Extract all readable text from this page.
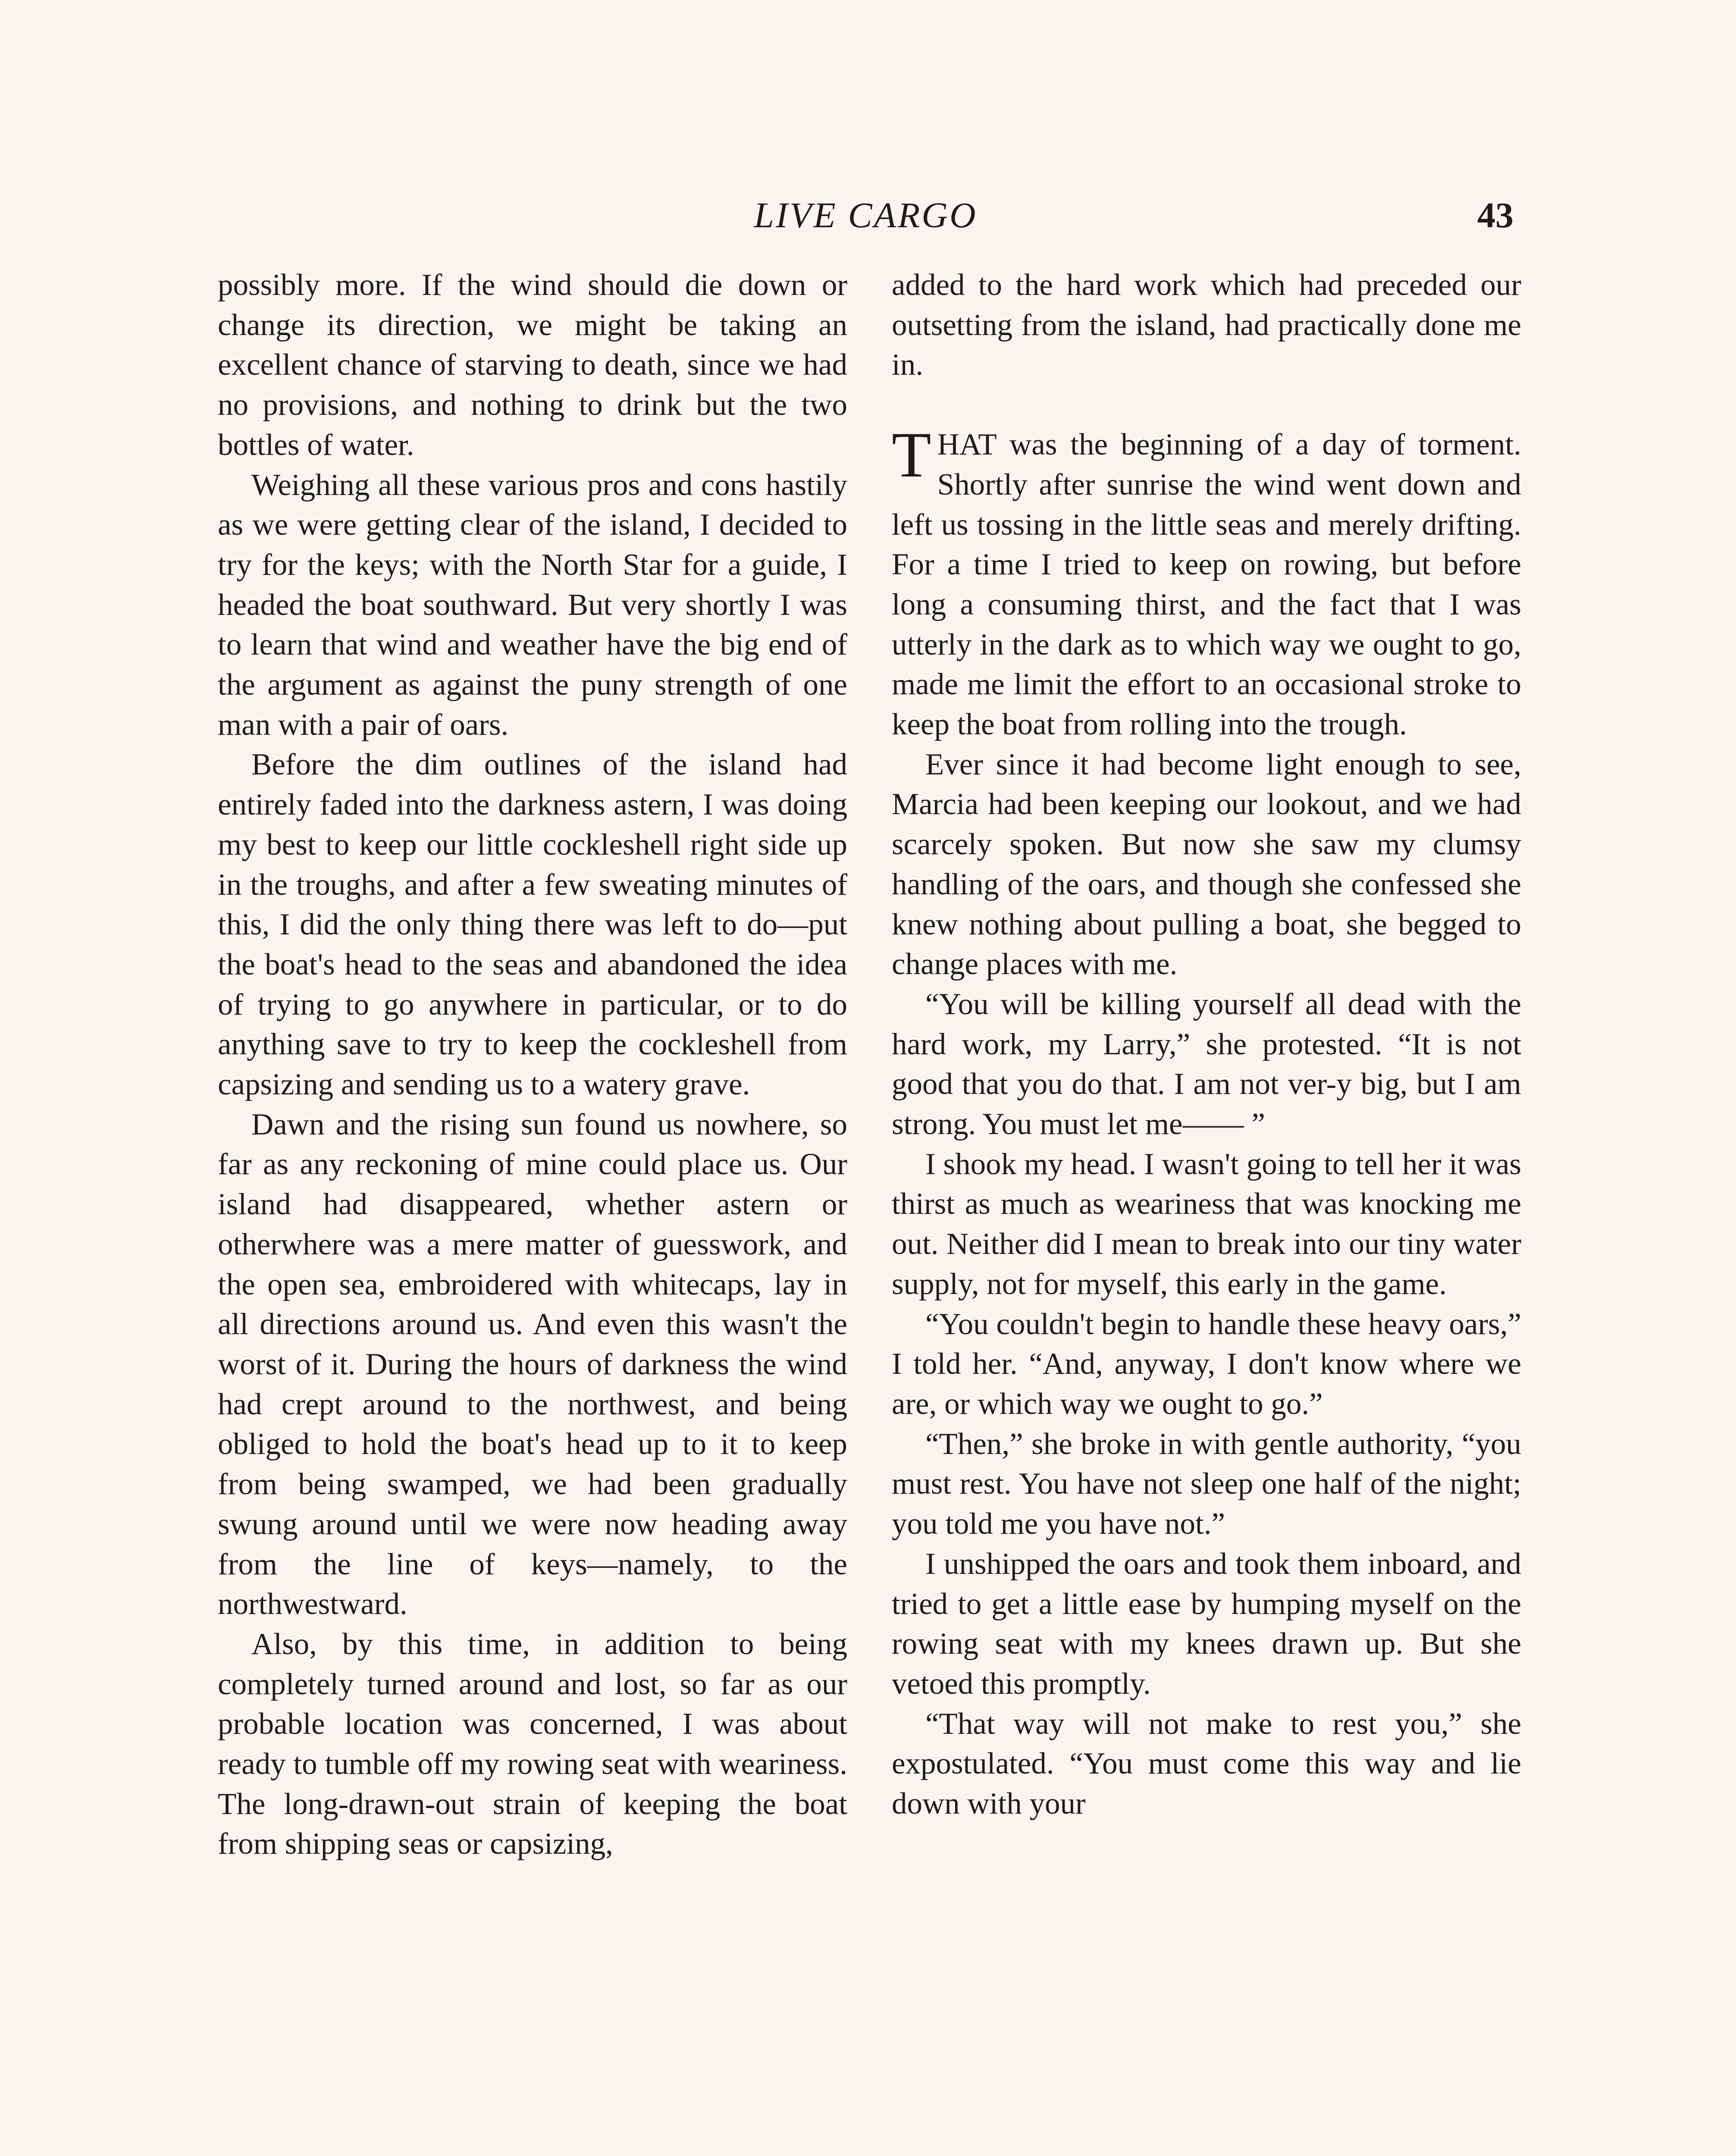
LIVE CARGO	43

possibly more. If the wind should die down or change its direction, we might be taking an excellent chance of starving to death, since we had no provisions, and nothing to drink but the two bottles of water.

Weighing all these various pros and cons hastily as we were getting clear of the island, I decided to try for the keys; with the North Star for a guide, I headed the boat southward. But very shortly I was to learn that wind and weather have the big end of the argument as against the puny strength of one man with a pair of oars.

Before the dim outlines of the island had entirely faded into the darkness astern, I was doing my best to keep our little cockleshell right side up in the troughs, and after a few sweating minutes of this, I did the only thing there was left to do—put the boat's head to the seas and abandoned the idea of trying to go anywhere in particular, or to do anything save to try to keep the cockleshell from capsizing and sending us to a watery grave.

Dawn and the rising sun found us nowhere, so far as any reckoning of mine could place us. Our island had disappeared, whether astern or otherwhere was a mere matter of guesswork, and the open sea, embroidered with whitecaps, lay in all directions around us. And even this wasn't the worst of it. During the hours of darkness the wind had crept around to the northwest, and being obliged to hold the boat's head up to it to keep from being swamped, we had been gradually swung around until we were now heading away from the line of keys—namely, to the northwestward.

Also, by this time, in addition to being completely turned around and lost, so far as our probable location was concerned, I was about ready to tumble off my rowing seat with weariness. The long-drawn-out strain of keeping the boat from shipping seas or capsizing,

added to the hard work which had preceded our outsetting from the island, had practically done me in.

THAT was the beginning of a day of torment. Shortly after sunrise the wind went down and left us tossing in the little seas and merely drifting. For a time I tried to keep on rowing, but before long a consuming thirst, and the fact that I was utterly in the dark as to which way we ought to go, made me limit the effort to an occasional stroke to keep the boat from rolling into the trough.

Ever since it had become light enough to see, Marcia had been keeping our lookout, and we had scarcely spoken. But now she saw my clumsy handling of the oars, and though she confessed she knew nothing about pulling a boat, she begged to change places with me.

“You will be killing yourself all dead with the hard work, my Larry,” she protested. “It is not good that you do that. I am not ver-y big, but I am strong. You must let me—— ”

I shook my head. I wasn't going to tell her it was thirst as much as weariness that was knocking me out. Neither did I mean to break into our tiny water supply, not for myself, this early in the game.

“You couldn't begin to handle these heavy oars,” I told her. “And, anyway, I don't know where we are, or which way we ought to go.”

“Then,” she broke in with gentle authority, “you must rest. You have not sleep one half of the night; you told me you have not.”

I unshipped the oars and took them inboard, and tried to get a little ease by humping myself on the rowing seat with my knees drawn up. But she vetoed this promptly.

“That way will not make to rest you,” she expostulated. “You must come this way and lie down with your
